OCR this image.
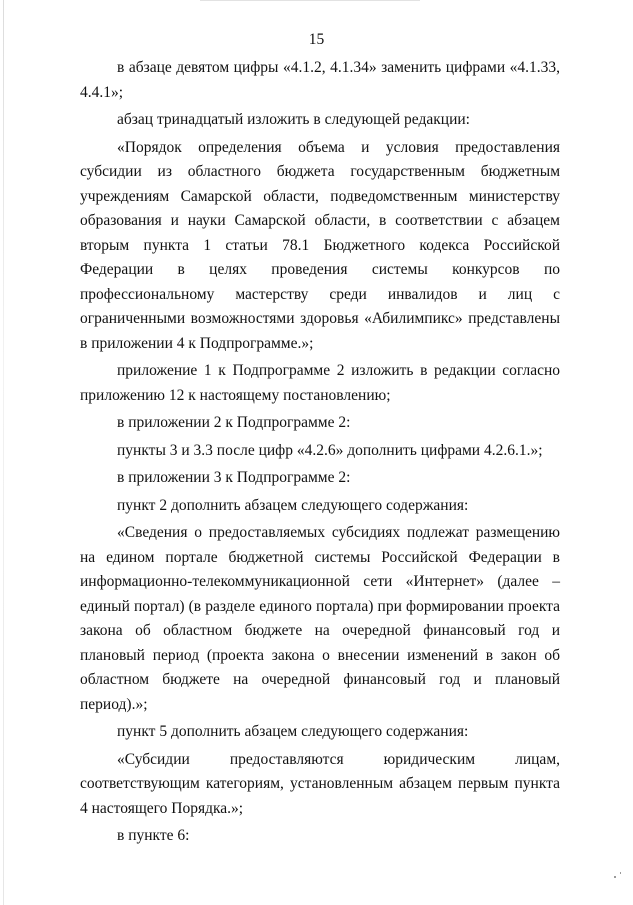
15

в абзаце девятом цифры «4.1.2, 4.1.34» заменить цифрами «4.1.33, 4.4.1»;

абзац тринадцатый изложить в следующей редакции:

«Порядок определения объема и условия предоставления субсидии из областного бюджета государственным бюджетным учреждениям Самарской области, подведомственным министерству образования и науки Самарской области, в соответствии с абзацем вторым пункта 1 статьи 78.1 Бюджетного кодекса Российской Федерации в целях проведения системы конкурсов по профессиональному мастерству среди инвалидов и лиц с ограниченными возможностями здоровья «Абилимпикс» представлены в приложении 4 к Подпрограмме.»;

приложение 1 к Подпрограмме 2 изложить в редакции согласно приложению 12 к настоящему постановлению;

в приложении 2 к Подпрограмме 2:

пункты 3 и 3.3 после цифр «4.2.6» дополнить цифрами 4.2.6.1.»;

в приложении 3 к Подпрограмме 2:

пункт 2 дополнить абзацем следующего содержания:

«Сведения о предоставляемых субсидиях подлежат размещению на едином портале бюджетной системы Российской Федерации в информационно-телекоммуникационной сети «Интернет» (далее – единый портал) (в разделе единого портала) при формировании проекта закона об областном бюджете на очередной финансовый год и плановый период (проекта закона о внесении изменений в закон об областном бюджете на очередной финансовый год и плановый период).»;

пункт 5 дополнить абзацем следующего содержания:

«Субсидии предоставляются юридическим лицам, соответствующим категориям, установленным абзацем первым пункта 4 настоящего Порядка.»;

в пункте 6:
